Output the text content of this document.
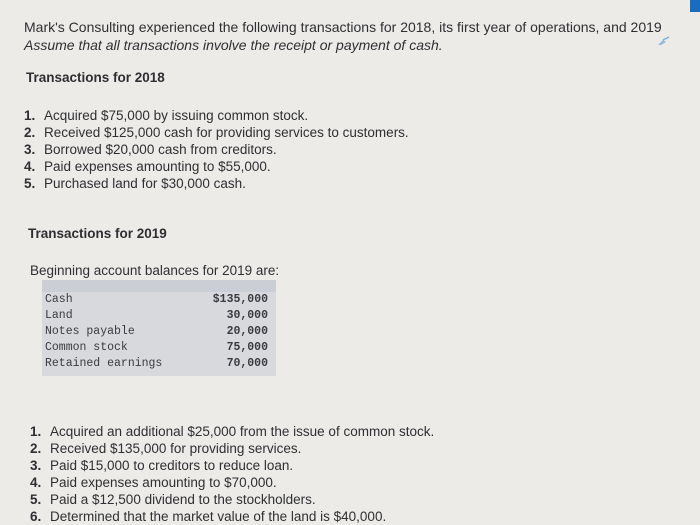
Mark's Consulting experienced the following transactions for 2018, its first year of operations, and 2019

Assume that all transactions involve the receipt or payment of cash.

Transactions for 2018
1. Acquired $75,000 by issuing common stock.
2. Received $125,000 cash for providing services to customers.
3. Borrowed $20,000 cash from creditors.
4. Paid expenses amounting to $55,000.
5. Purchased land for $30,000 cash.
Transactions for 2019
Beginning account balances for 2019 are:
Cash	$135,000
Land	30,000
Notes payable	20,000
Common stock	75,000
Retained earnings	70,000
1. Acquired an additional $25,000 from the issue of common stock.
2. Received $135,000 for providing services.
3. Paid $15,000 to creditors to reduce loan.
4. Paid expenses amounting to $70,000.
5. Paid a $12,500 dividend to the stockholders.
6. Determined that the market value of the land is $40,000.
